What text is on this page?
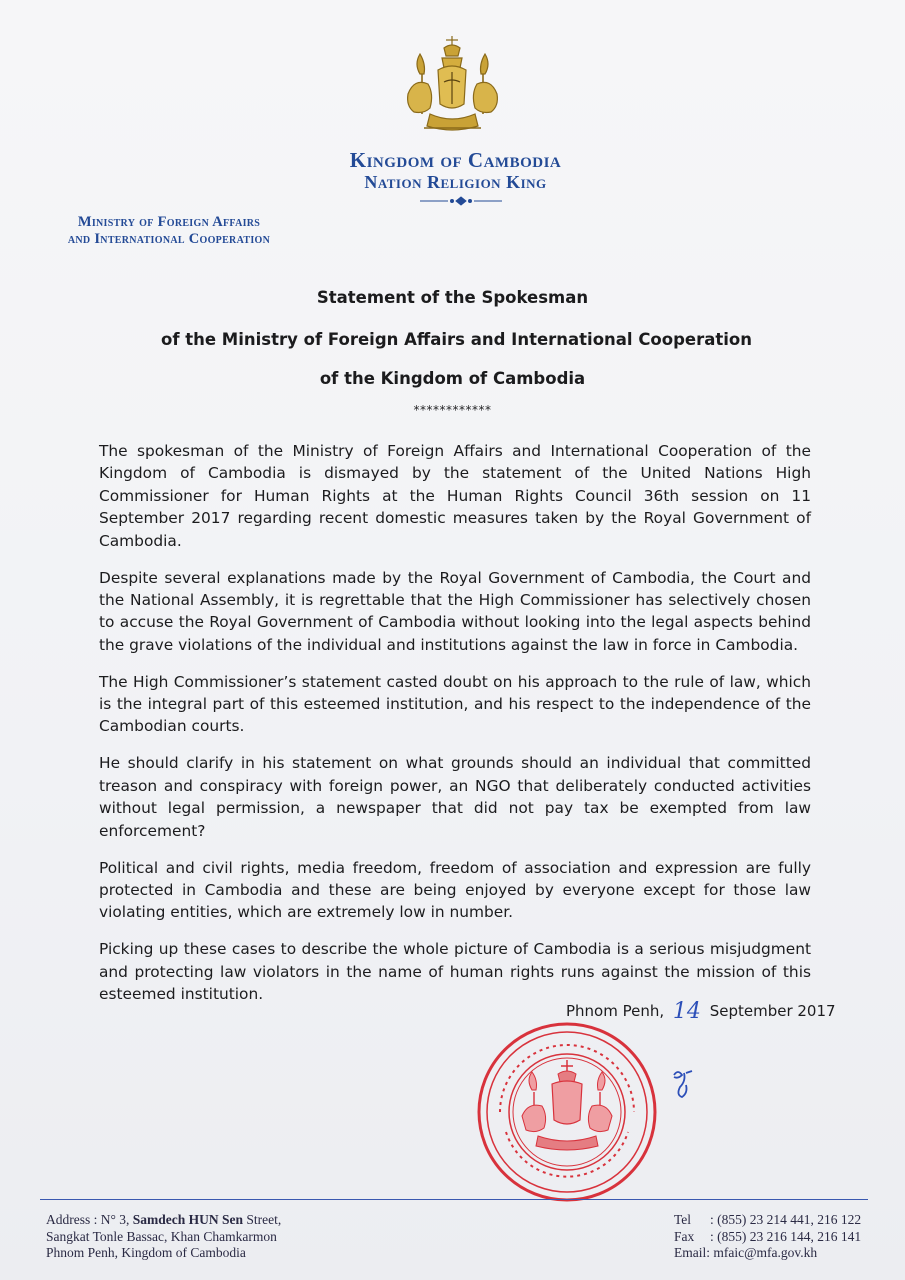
Kingdom of Cambodia
Nation Religion King
Ministry of Foreign Affairs
and International Cooperation
Statement of the Spokesman
of the Ministry of Foreign Affairs and International Cooperation
of the Kingdom of Cambodia
************

The spokesman of the Ministry of Foreign Affairs and International Cooperation of the Kingdom of Cambodia is dismayed by the statement of the United Nations High Commissioner for Human Rights at the Human Rights Council 36th session on 11 September 2017 regarding recent domestic measures taken by the Royal Government of Cambodia.

Despite several explanations made by the Royal Government of Cambodia, the Court and the National Assembly, it is regrettable that the High Commissioner has selectively chosen to accuse the Royal Government of Cambodia without looking into the legal aspects behind the grave violations of the individual and institutions against the law in force in Cambodia.

The High Commissioner’s statement casted doubt on his approach to the rule of law, which is the integral part of this esteemed institution, and his respect to the independence of the Cambodian courts.

He should clarify in his statement on what grounds should an individual that committed treason and conspiracy with foreign power, an NGO that deliberately conducted activities without legal permission, a newspaper that did not pay tax be exempted from law enforcement?

Political and civil rights, media freedom, freedom of association and expression are fully protected in Cambodia and these are being enjoyed by everyone except for those law violating entities, which are extremely low in number.

Picking up these cases to describe the whole picture of Cambodia is a serious misjudgment and protecting law violators in the name of human rights runs against the mission of this esteemed institution.

Phnom Penh, 14 September 2017
Address : N° 3, Samdech HUN Sen Street,
Sangkat Tonle Bassac, Khan Chamkarmon
Phnom Penh, Kingdom of Cambodia
Tel : (855) 23 214 441, 216 122
Fax : (855) 23 216 144, 216 141
Email: mfaic@mfa.gov.kh
